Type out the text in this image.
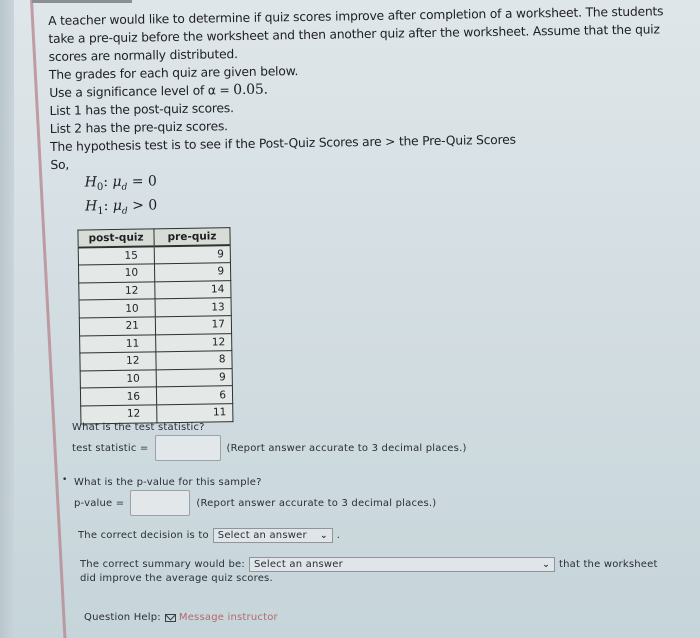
A teacher would like to determine if quiz scores improve after completion of a worksheet. The students
take a pre-quiz before the worksheet and then another quiz after the worksheet. Assume that the quiz
scores are normally distributed.
The grades for each quiz are given below.
Use a significance level of α = 0.05.
List 1 has the post-quiz scores.
List 2 has the pre-quiz scores.
The hypothesis test is to see if the Post-Quiz Scores are > the Pre-Quiz Scores
So,
$H_0$: $\mu_d = 0$
$H_1$: $\mu_d > 0$
post-quiz	pre-quiz
15	9
10	9
12	14
10	13
21	17
11	12
12	8
10	9
16	6
12	11
What is the test statistic?
test statistic =	(Report answer accurate to 3 decimal places.)
• What is the p-value for this sample?
p-value =	(Report answer accurate to 3 decimal places.)
The correct decision is to Select an answer ⌄ .
The correct summary would be: Select an answer	⌄ that the worksheet
did improve the average quiz scores.
Question Help: Message instructor
